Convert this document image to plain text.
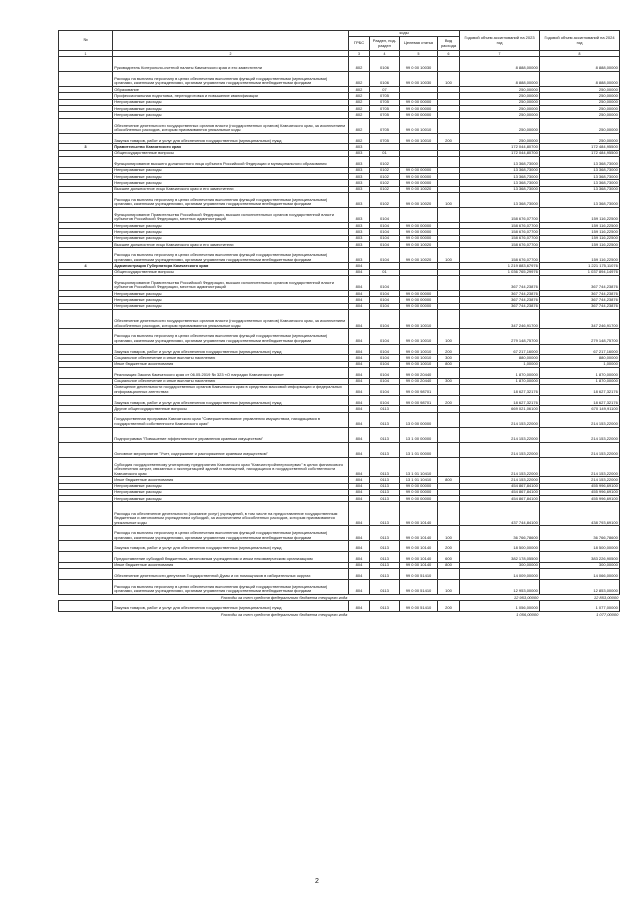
№		коды				Годовой объем ассигнований на 2023 год	Годовой объем ассигнований на 2024 год
		ГРБС	Раздел, под-раздел	Целевая статья	Вид расхода		
1	2	3	4	5	6	7	8
	Руководитель Контрольно-счетной палаты Камчатского края и его заместители	802	0106	99 0 00 10030		8 888,00000	8 888,00000
	Расходы на выплаты персоналу в целях обеспечения выполнения функций государственными (муниципальными) органами, казенными учреждениями, органами управления государственными внебюджетными фондами	802	0106	99 0 00 10030	100	8 888,00000	8 888,00000
	Образование	802	07			250,00000	250,00000
	Профессиональная подготовка, переподготовка и повышение квалификации	802	0705			250,00000	250,00000
	Непрограммные расходы	802	0705	99 0 00 00000		250,00000	250,00000
	Непрограммные расходы	802	0705	99 0 00 00000		250,00000	250,00000
	Непрограммные расходы	802	0705	99 0 00 00000		250,00000	250,00000
	Обеспечение деятельности государственных органов власти (государственных органов) Камчатского края, за исключением обособленных расходов, которым присваиваются уникальные коды	802	0705	99 0 00 10010		250,00000	250,00000
	Закупка товаров, работ и услуг для обеспечения государственных (муниципальных) нужд	802	0705	99 0 00 10010	200	250,00000	250,00000
3	Правительство Камчатского края	803				172 044,80700	172 484,95500
	Общегосударственные вопросы	803	01			172 044,80700	172 484,95500
	Функционирование высшего должностного лица субъекта Российской Федерации и муниципального образования	803	0102			13 368,73000	13 368,73000
	Непрограммные расходы	803	0102	99 0 00 00000		13 368,73000	13 368,73000
	Непрограммные расходы	803	0102	99 0 00 00000		13 368,73000	13 368,73000
	Непрограммные расходы	803	0102	99 0 00 00000		13 368,73000	13 368,73000
	Высшее должностное лицо Камчатского края и его заместители	803	0102	99 0 00 10020		13 368,73000	13 368,73000
	Расходы на выплаты персоналу в целях обеспечения выполнения функций государственными (муниципальными) органами, казенными учреждениями, органами управления государственными внебюджетными фондами	803	0102	99 0 00 10020	100	13 368,73000	13 368,73000
	Функционирование Правительства Российской Федерации, высших исполнительных органов государственной власти субъектов Российской Федерации, местных администраций	803	0104			158 676,07700	159 116,22500
	Непрограммные расходы	803	0104	99 0 00 00000		158 676,07700	159 116,22500
	Непрограммные расходы	803	0104	99 0 00 00000		158 676,07700	159 116,22500
	Непрограммные расходы	803	0104	99 0 00 00000		158 676,07700	159 116,22500
	Высшее должностное лицо Камчатского края и его заместители	803	0104	99 0 00 10020		158 676,07700	159 116,22500
	Расходы на выплаты персоналу в целях обеспечения выполнения функций государственными (муниципальными) органами, казенными учреждениями, органами управления государственными внебюджетными фондами	803	0104	99 0 00 10020	100	158 676,07700	159 116,22500
4	Администрация Губернатора Камчатского края	804				1 219 883,67976	1 221 175,11076
	Общегосударственные вопросы	804	01			1 036 765,29976	1 037 894,14976
	Функционирование Правительства Российской Федерации, высших исполнительных органов государственной власти субъектов Российской Федерации, местных администраций	804	0104			367 744,23876	367 744,23876
	Непрограммные расходы	804	0104	99 0 00 00000		367 744,23876	367 744,23876
	Непрограммные расходы	804	0104	99 0 00 00000		367 744,23876	367 744,23876
	Непрограммные расходы	804	0104	99 0 00 00000		367 744,23876	367 744,23876
	Обеспечение деятельности государственных органов власти (государственных органов) Камчатского края, за исключением обособленных расходов, которым присваиваются уникальные коды	804	0104	99 0 00 10010		347 246,91700	347 246,91700
	Расходы на выплаты персоналу в целях обеспечения выполнения функций государственными (муниципальными) органами, казенными учреждениями, органами управления государственными внебюджетными фондами	804	0104	99 0 00 10010	100	279 148,75700	279 148,75700
	Закупка товаров, работ и услуг для обеспечения государственных (муниципальных) нужд	804	0104	99 0 00 10010	200	67 217,16000	67 217,16000
	Социальное обеспечение и иные выплаты населению	804	0104	99 0 00 10010	300	880,00000	880,00000
	Иные бюджетные ассигнования	804	0104	99 0 00 10010	800	1,00000	1,00000
	Реализация Закона Камчатского края от 06.05.2019 № 323 «О наградах Камчатского края»	804	0104	99 0 00 20440		1 870,00000	1 870,00000
	Социальное обеспечение и иные выплаты населению	804	0104	99 0 00 20440	300	1 870,00000	1 870,00000
	Освещение деятельности государственных органов Камчатского края в средствах массовой информации и федеральных информационных агентствах	804	0104	99 0 00 98701		18 627,32176	18 627,32176
	Закупка товаров, работ и услуг для обеспечения государственных (муниципальных) нужд	804	0104	99 0 00 98701	200	18 627,32176	18 627,32176
	Другие общегосударственные вопросы	804	0113			669 021,06100	670 149,91100
	Государственная программа Камчатского края "Совершенствование управления имуществом, находящимся в государственной собственности Камчатского края"	804	0113	13 0 00 00000		214 153,22000	214 153,22000
	Подпрограмма "Повышение эффективности управления краевым имуществом"	804	0113	13 1 00 00000		214 153,22000	214 153,22000
	Основное мероприятие "Учет, содержание и распоряжение краевым имуществом"	804	0113	13 1 01 00000		214 153,22000	214 153,22000
	Субсидия государственному унитарному предприятию Камчатского края "Камчатстройэнергосервис" в целях финансового обеспечения затрат, связанных с эксплуатацией зданий и помещений, находящихся в государственной собственности Камчатского края	804	0113	13 1 01 10410		214 153,22000	214 153,22000
	Иные бюджетные ассигнования	804	0113	13 1 01 10410	800	214 153,22000	214 153,22000
	Непрограммные расходы	804	0113	99 0 00 00000		454 867,84100	455 996,69100
	Непрограммные расходы	804	0113	99 0 00 00000		454 867,84100	455 996,69100
	Непрограммные расходы	804	0113	99 0 00 00000		454 867,84100	455 996,69100
	Расходы на обеспечение деятельности (оказание услуг) учреждений, в том числе на предоставление государственным бюджетным и автономным учреждениям субсидий, за исключением обособленных расходов, которым присваиваются уникальные коды	804	0113	99 0 00 10140		437 744,84100	438 793,69100
	Расходы на выплаты персоналу в целях обеспечения выполнения функций государственными (муниципальными) органами, казенными учреждениями, органами управления государственными внебюджетными фондами	804	0113	99 0 00 10140	100	36 766,78600	36 766,78600
	Закупка товаров, работ и услуг для обеспечения государственных (муниципальных) нужд	804	0113	99 0 00 10140	200	18 500,00000	18 500,00000
	Предоставление субсидий бюджетным, автономным учреждениям и иным некоммерческим организациям	804	0113	99 0 00 10140	600	382 178,05500	383 226,90500
	Иные бюджетные ассигнования	804	0113	99 0 00 10140	800	300,00000	300,00000
	Обеспечение деятельности депутатов Государственной Думы и их помощников в избирательных округах	804	0113	99 0 00 51410		14 009,00000	14 066,00000
	Расходы на выплаты персоналу в целях обеспечения выполнения функций государственными (муниципальными) органами, казенными учреждениями, органами управления государственными внебюджетными фондами	804	0113	99 0 00 51410	100	12 953,00000	12 853,00000
	Расходы за счет средств федерального бюджета текущего года					12 953,00000	12 853,00000
	Закупка товаров, работ и услуг для обеспечения государственных (муниципальных) нужд	804	0113	99 0 00 51410	200	1 056,00000	1 077,00000
	Расходы за счет средств федерального бюджета текущего года					1 056,00000	1 077,00000
2
